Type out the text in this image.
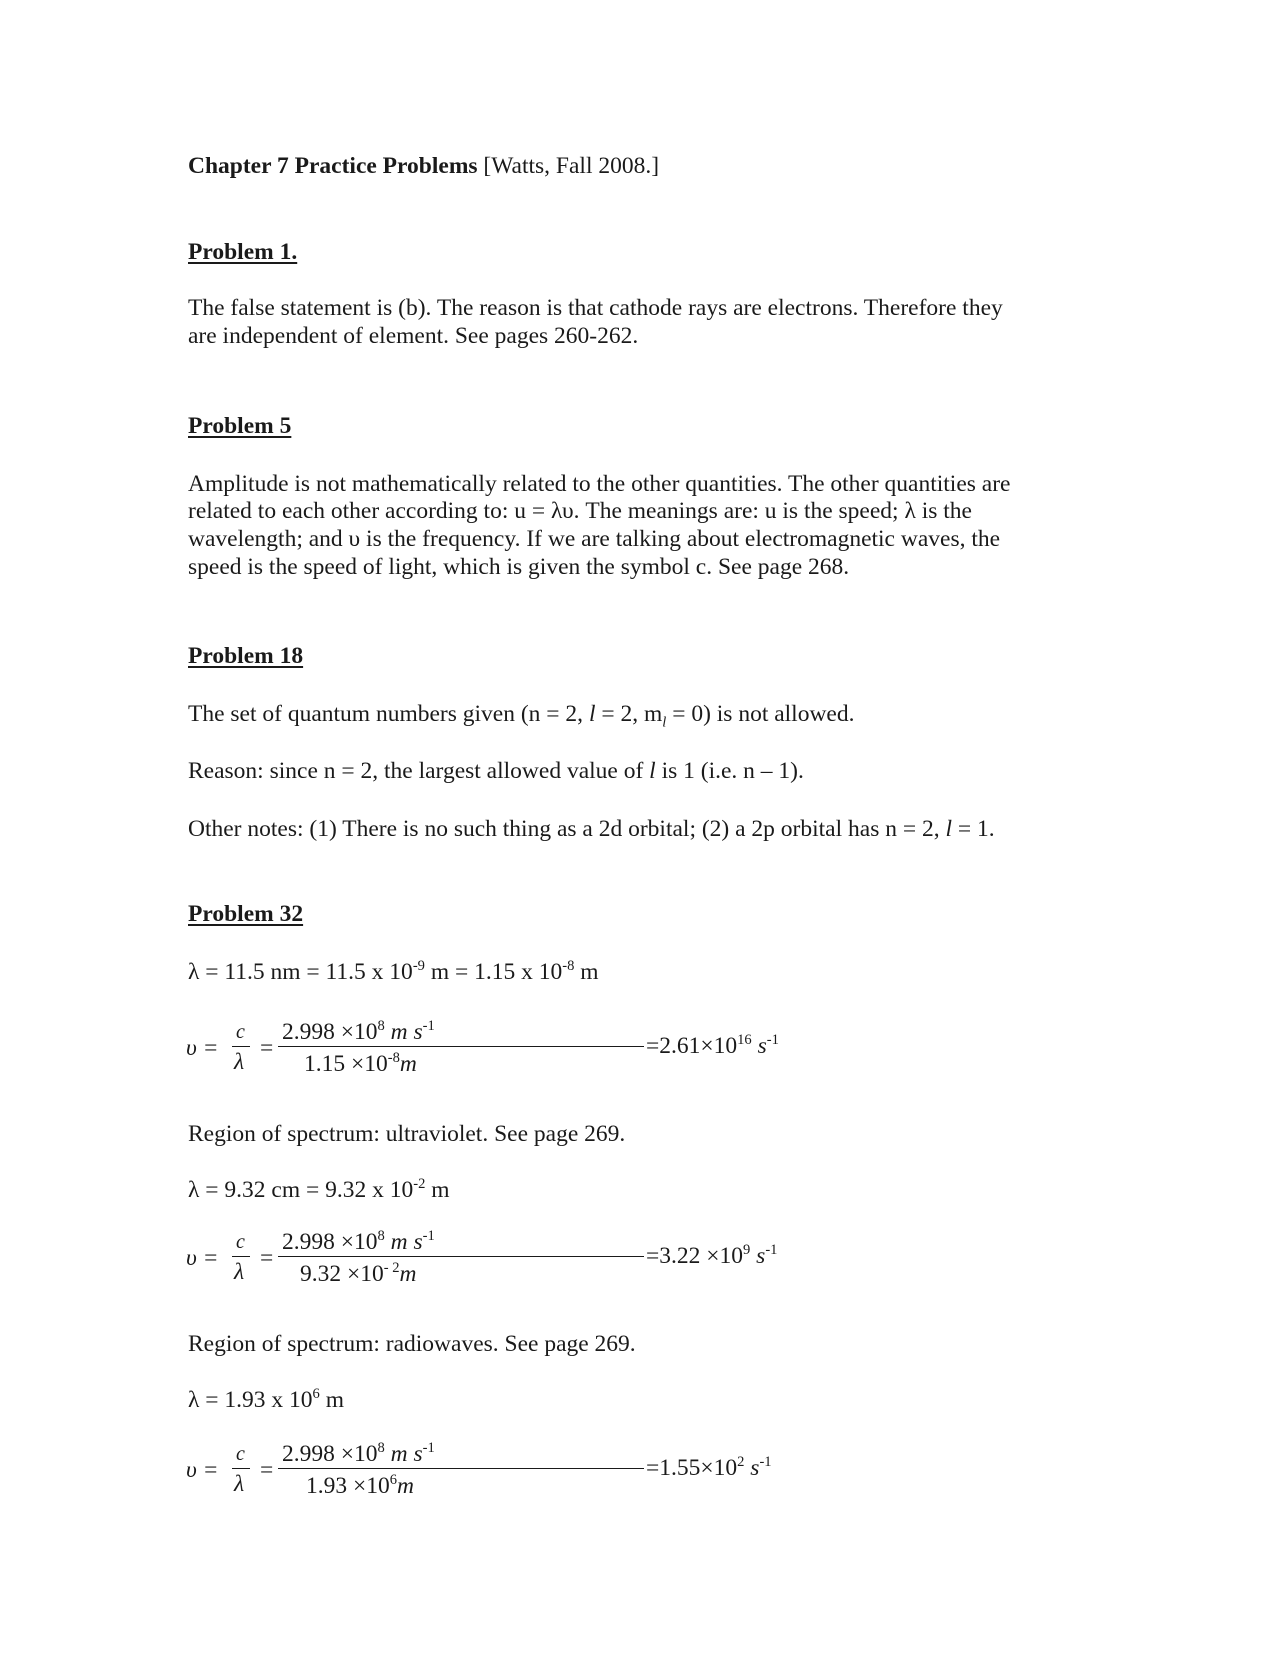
Chapter 7 Practice Problems [Watts, Fall 2008.]

Problem 1.

The false statement is (b). The reason is that cathode rays are electrons. Therefore they

are independent of element. See pages 260-262.

Problem 5

Amplitude is not mathematically related to the other quantities. The other quantities are

related to each other according to: u = λυ. The meanings are: u is the speed; λ is the

wavelength; and υ is the frequency. If we are talking about electromagnetic waves, the

speed is the speed of light, which is given the symbol c. See page 268.

Problem 18

The set of quantum numbers given (n = 2, l = 2, $m_l = 0$) is not allowed.

Reason: since n = 2, the largest allowed value of l is 1 (i.e. n – 1).

Other notes: (1) There is no such thing as a 2d orbital; (2) a 2p orbital has n = 2, l = 1.

Problem 32

λ = 11.5 nm = 11.5 x $10^{-9}$ m = 1.15 x $10^{-8}$ m

υ =
c
λ
=
$2.998 \times 10^8$ m $s^{-1}$
$1.15 \times 10^{-8}m$
$=2.61\times 10^{16}$ $s^{-1}$

Region of spectrum: ultraviolet. See page 269.

λ = 9.32 cm = 9.32 x $10^{-2}$ m

υ =
c
λ
=
$2.998 \times 10^8$ m $s^{-1}$
$9.32 \times 10^{- 2}m$
$=3.22 \times 10^9$ $s^{-1}$

Region of spectrum: radiowaves. See page 269.

λ = 1.93 x $10^6$ m

υ =
c
λ
=
$2.998 \times 10^8$ m $s^{-1}$
$1.93 \times 10^6m$
$=1.55\times 10^2$ $s^{-1}$
